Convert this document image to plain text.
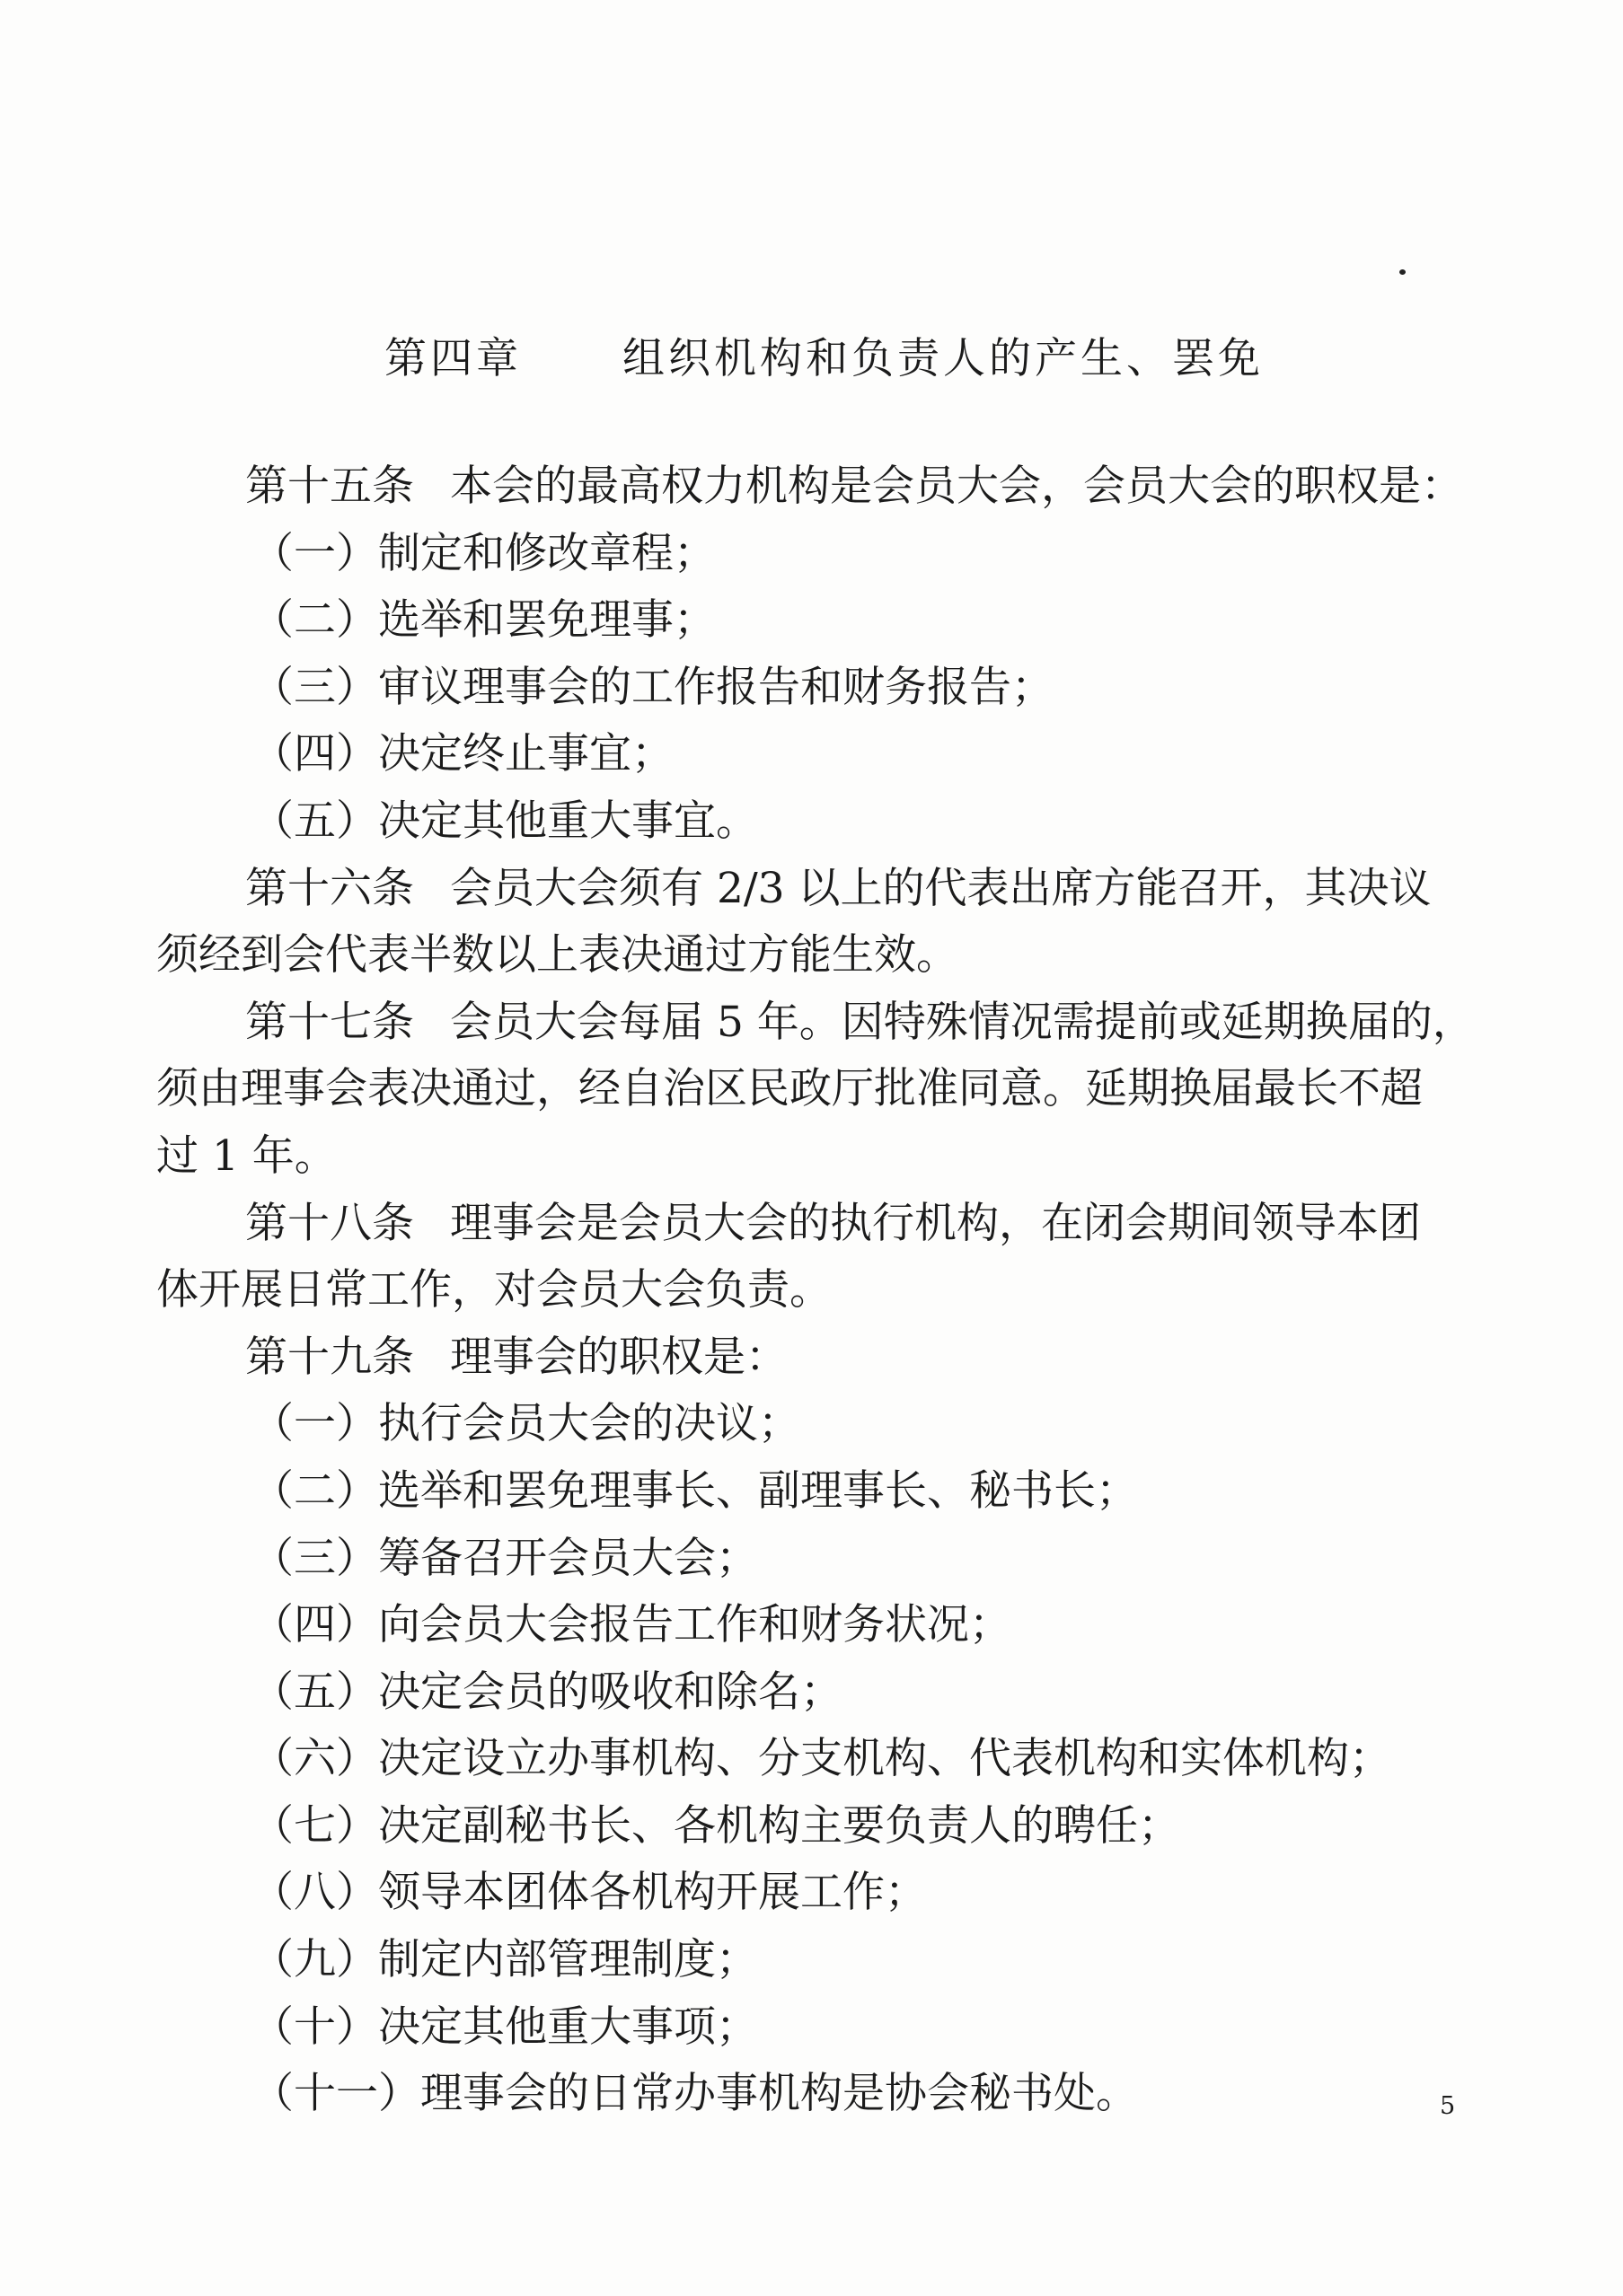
第四章 组织机构和负责人的产生、罢免

第十五条 本会的最高权力机构是会员大会，会员大会的职权是：

（一）制定和修改章程；

（二）选举和罢免理事；

（三）审议理事会的工作报告和财务报告；

（四）决定终止事宜；

（五）决定其他重大事宜。

第十六条 会员大会须有 2/3 以上的代表出席方能召开，其决议

须经到会代表半数以上表决通过方能生效。

第十七条 会员大会每届 5 年。因特殊情况需提前或延期换届的，

须由理事会表决通过，经自治区民政厅批准同意。延期换届最长不超

过 1 年。

第十八条 理事会是会员大会的执行机构，在闭会期间领导本团

体开展日常工作，对会员大会负责。

第十九条 理事会的职权是：

（一）执行会员大会的决议；

（二）选举和罢免理事长、副理事长、秘书长；

（三）筹备召开会员大会；

（四）向会员大会报告工作和财务状况；

（五）决定会员的吸收和除名；

（六）决定设立办事机构、分支机构、代表机构和实体机构；

（七）决定副秘书长、各机构主要负责人的聘任；

（八）领导本团体各机构开展工作；

（九）制定内部管理制度；

（十）决定其他重大事项；

（十一）理事会的日常办事机构是协会秘书处。	5
